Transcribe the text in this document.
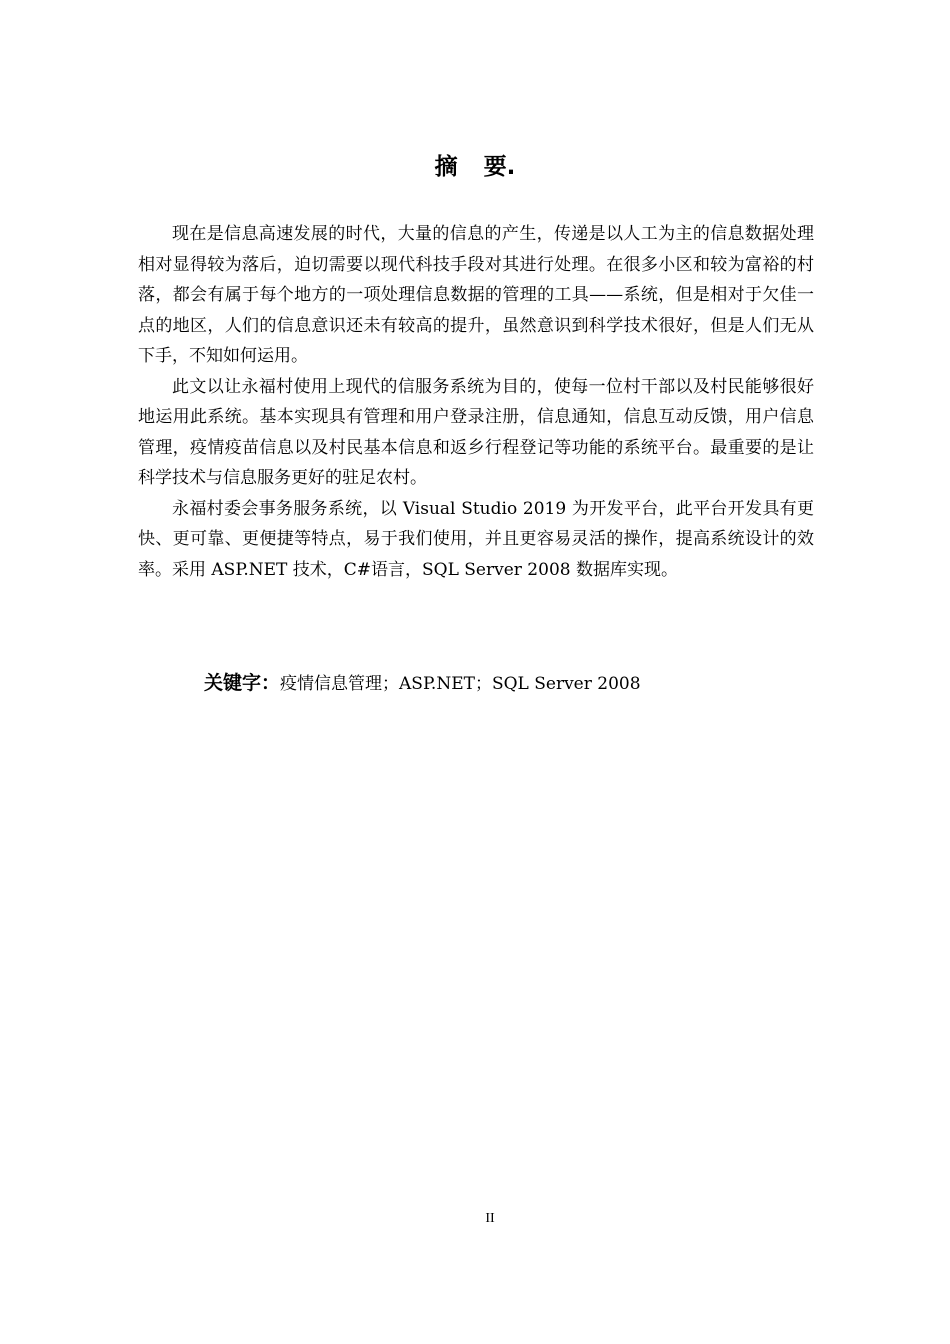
摘 要.

现在是信息高速发展的时代，大量的信息的产生，传递是以人工为主的信息数据处理相对显得较为落后，迫切需要以现代科技手段对其进行处理。在很多小区和较为富裕的村落，都会有属于每个地方的一项处理信息数据的管理的工具——系统，但是相对于欠佳一点的地区，人们的信息意识还未有较高的提升，虽然意识到科学技术很好，但是人们无从下手，不知如何运用。

此文以让永福村使用上现代的信服务系统为目的，使每一位村干部以及村民能够很好地运用此系统。基本实现具有管理和用户登录注册，信息通知，信息互动反馈，用户信息管理，疫情疫苗信息以及村民基本信息和返乡行程登记等功能的系统平台。最重要的是让科学技术与信息服务更好的驻足农村。

永福村委会事务服务系统，以 Visual Studio 2019 为开发平台，此平台开发具有更快、更可靠、更便捷等特点，易于我们使用，并且更容易灵活的操作，提高系统设计的效率。采用 ASP.NET 技术，C#语言，SQL Server 2008 数据库实现。

关键字：疫情信息管理；ASP.NET；SQL Server 2008
II
